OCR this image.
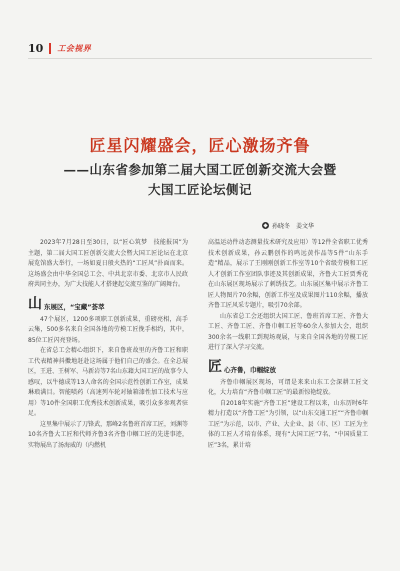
10 工会视界
匠星闪耀盛会，匠心激扬齐鲁
——山东省参加第二届大国工匠创新交流大会暨
大国工匠论坛侧记
孙晓冬　姜文华

2023年7月28日至30日，以“匠心筑梦　技能报国”为主题，第二届大国工匠创新交流大会暨大国工匠论坛在北京展览馆盛大举行，一场如夏日般火热的“工匠风”扑面而来。这场盛会由中华全国总工会、中共北京市委、北京市人民政府共同主办，为广大技能人才搭建起交流互鉴的广阔舞台。

山 东展区，“宝藏”荟萃

47个展区，1200多项职工创新成果，重磅亮相，高手云集，500多名来自全国各地的劳模工匠挽手相约，其中，85位工匠闪亮登场。

在省总工会精心组织下，来自鲁班故里的齐鲁工匠和职工代表精神抖擞地赶赴这场属于他们自己的盛会。在全总展区，王进、王树军、马新岩等7名山东籍大国工匠的故事令人感叹，以牛德成等13人命名的全国示范性创新工作室，成果琳琅满目。智能喷药（高速列车轮对轴箱漆性加工技术与应用）等10件全国职工优秀技术创新成果，吸引众多参观者驻足。

这里集中展示了刀锋武，那峰2名鲁班首席工匠，刘渊等10名齐鲁大工匠和代师齐鲁3名齐鲁巾帼工匠的先进事迹，实物展出了汤海威的（内燃机

高温运动件动态测量技术研究及应用）等12件全省职工优秀技术创新成果，孙云鹏创作的鸣远黄作品等5件“山东手造”精品，展示了王刚刚创新工作室等10个省级劳模和工匠人才创新工作室团队事迹及其创新成果，齐鲁大工匠贾秀花在山东展区现场展示了刺绣技艺。山东展区集中展示齐鲁工匠人物图片70余幅，创新工作室及成果图片110余幅，播放齐鲁工匠风采专题片，吸引70余部。

山东省总工会还组织大国工匠、鲁班首席工匠、齐鲁大工匠、齐鲁工匠、齐鲁巾帼工匠等60余人参加大会，组织300余名一线职工到现场观展，与来自全国各地的劳模工匠进行了深入学习交流。

匠 心齐鲁，巾帼绽放

齐鲁巾帼展区现场，可谓是来来山东工会深耕工匠文化，大力培育“齐鲁巾帼工匠”的最新惊艳绽放。

自2018年实施“齐鲁工匠”建设工程以来，山东历时6年精力打造以“齐鲁工匠”为引领，以“山东交通工匠”“齐鲁巾帼工匠”为示范，以市、产业、大企业、县（市、区）工匠为主体的工匠人才培育体系，现有“大国工匠”7名、“中国质量工匠”3名，累计培
